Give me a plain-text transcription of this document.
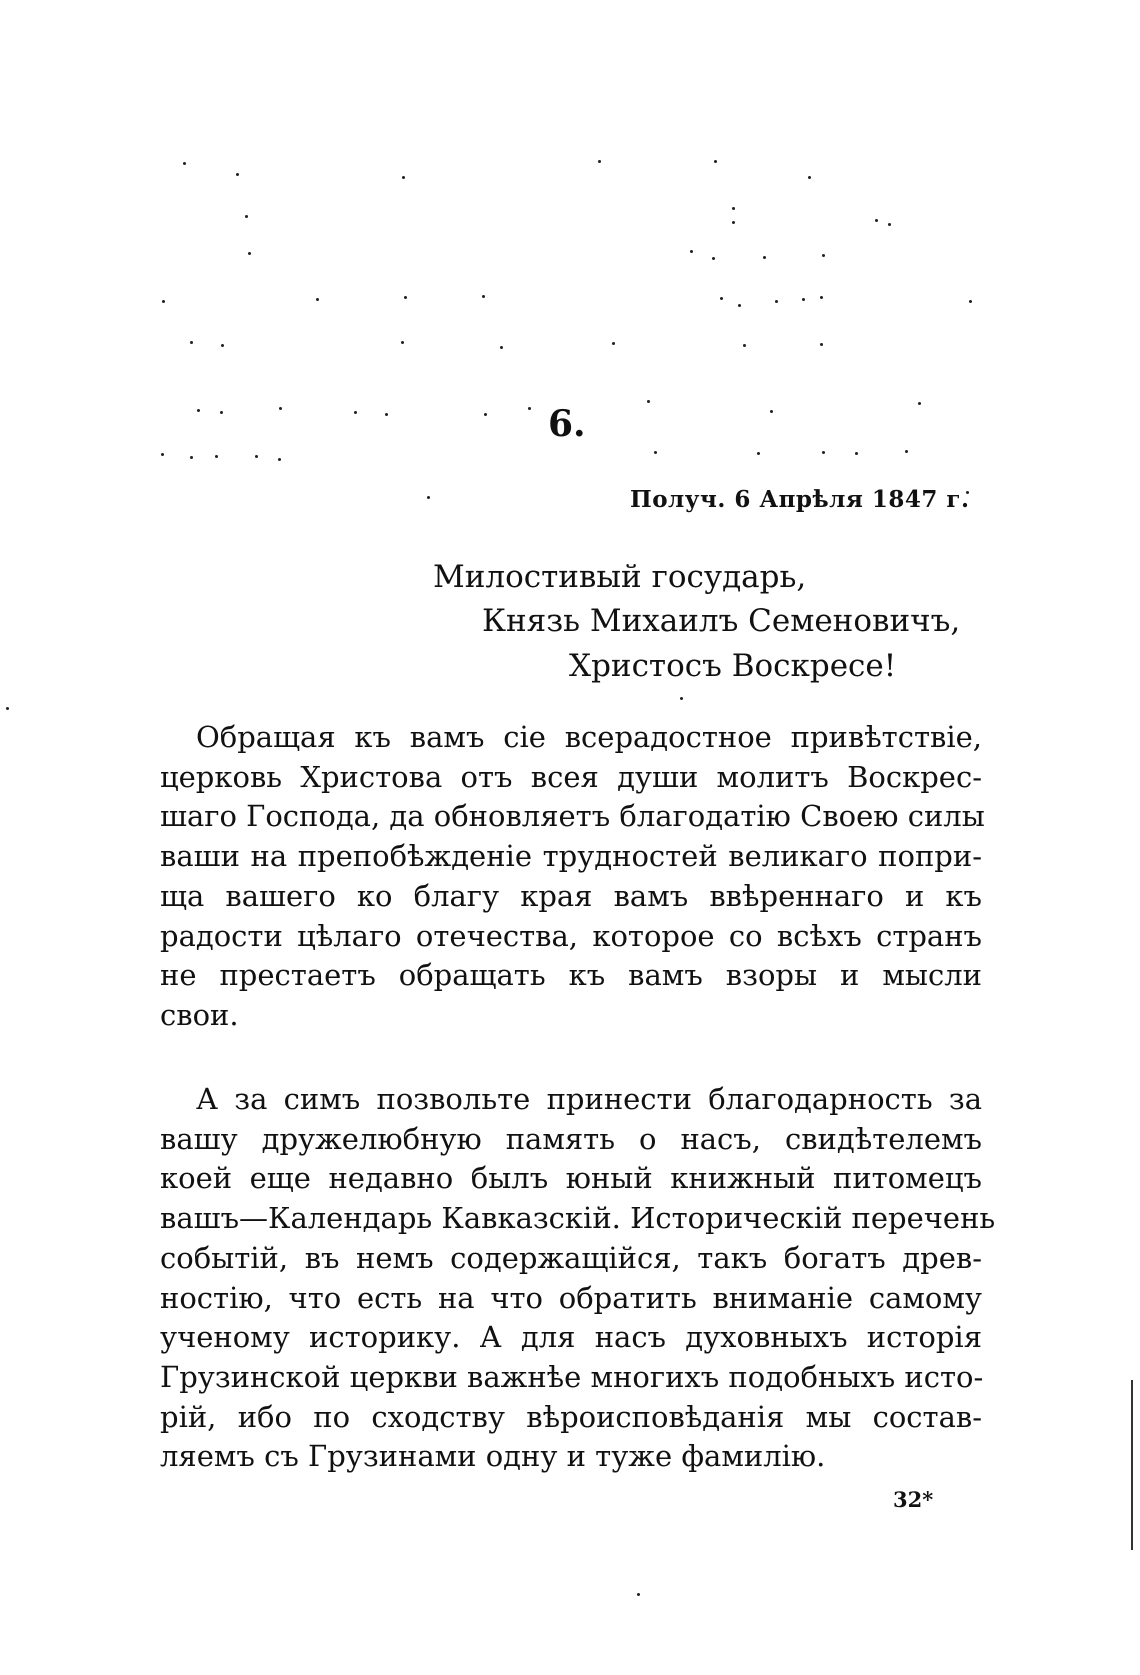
6.
Получ. 6 Апрѣля 1847 г.
Милостивый государь,
Князь Михаилъ Семеновичъ,
Христосъ Воскресе!
Обращая къ вамъ сіе всерадостное привѣтствіе,
церковь Христова отъ всея души молитъ Воскрес-
шаго Господа, да обновляетъ благодатію Своею силы
ваши на препобѣжденіе трудностей великаго попри-
ща вашего ко благу края вамъ ввѣреннаго и къ
радости цѣлаго отечества, которое со всѣхъ странъ
не престаетъ обращать къ вамъ взоры и мысли
свои.
А за симъ позвольте принести благодарность за
вашу дружелюбную память о насъ, свидѣтелемъ
коей еще недавно былъ юный книжный питомецъ
вашъ—Календарь Кавказскій. Историческій перечень
событій, въ немъ содержащійся, такъ богатъ древ-
ностію, что есть на что обратить вниманіе самому
ученому историку. А для насъ духовныхъ исторія
Грузинской церкви важнѣе многихъ подобныхъ исто-
рій, ибо по сходству вѣроисповѣданія мы состав-
ляемъ съ Грузинами одну и туже фамилію.
32*
